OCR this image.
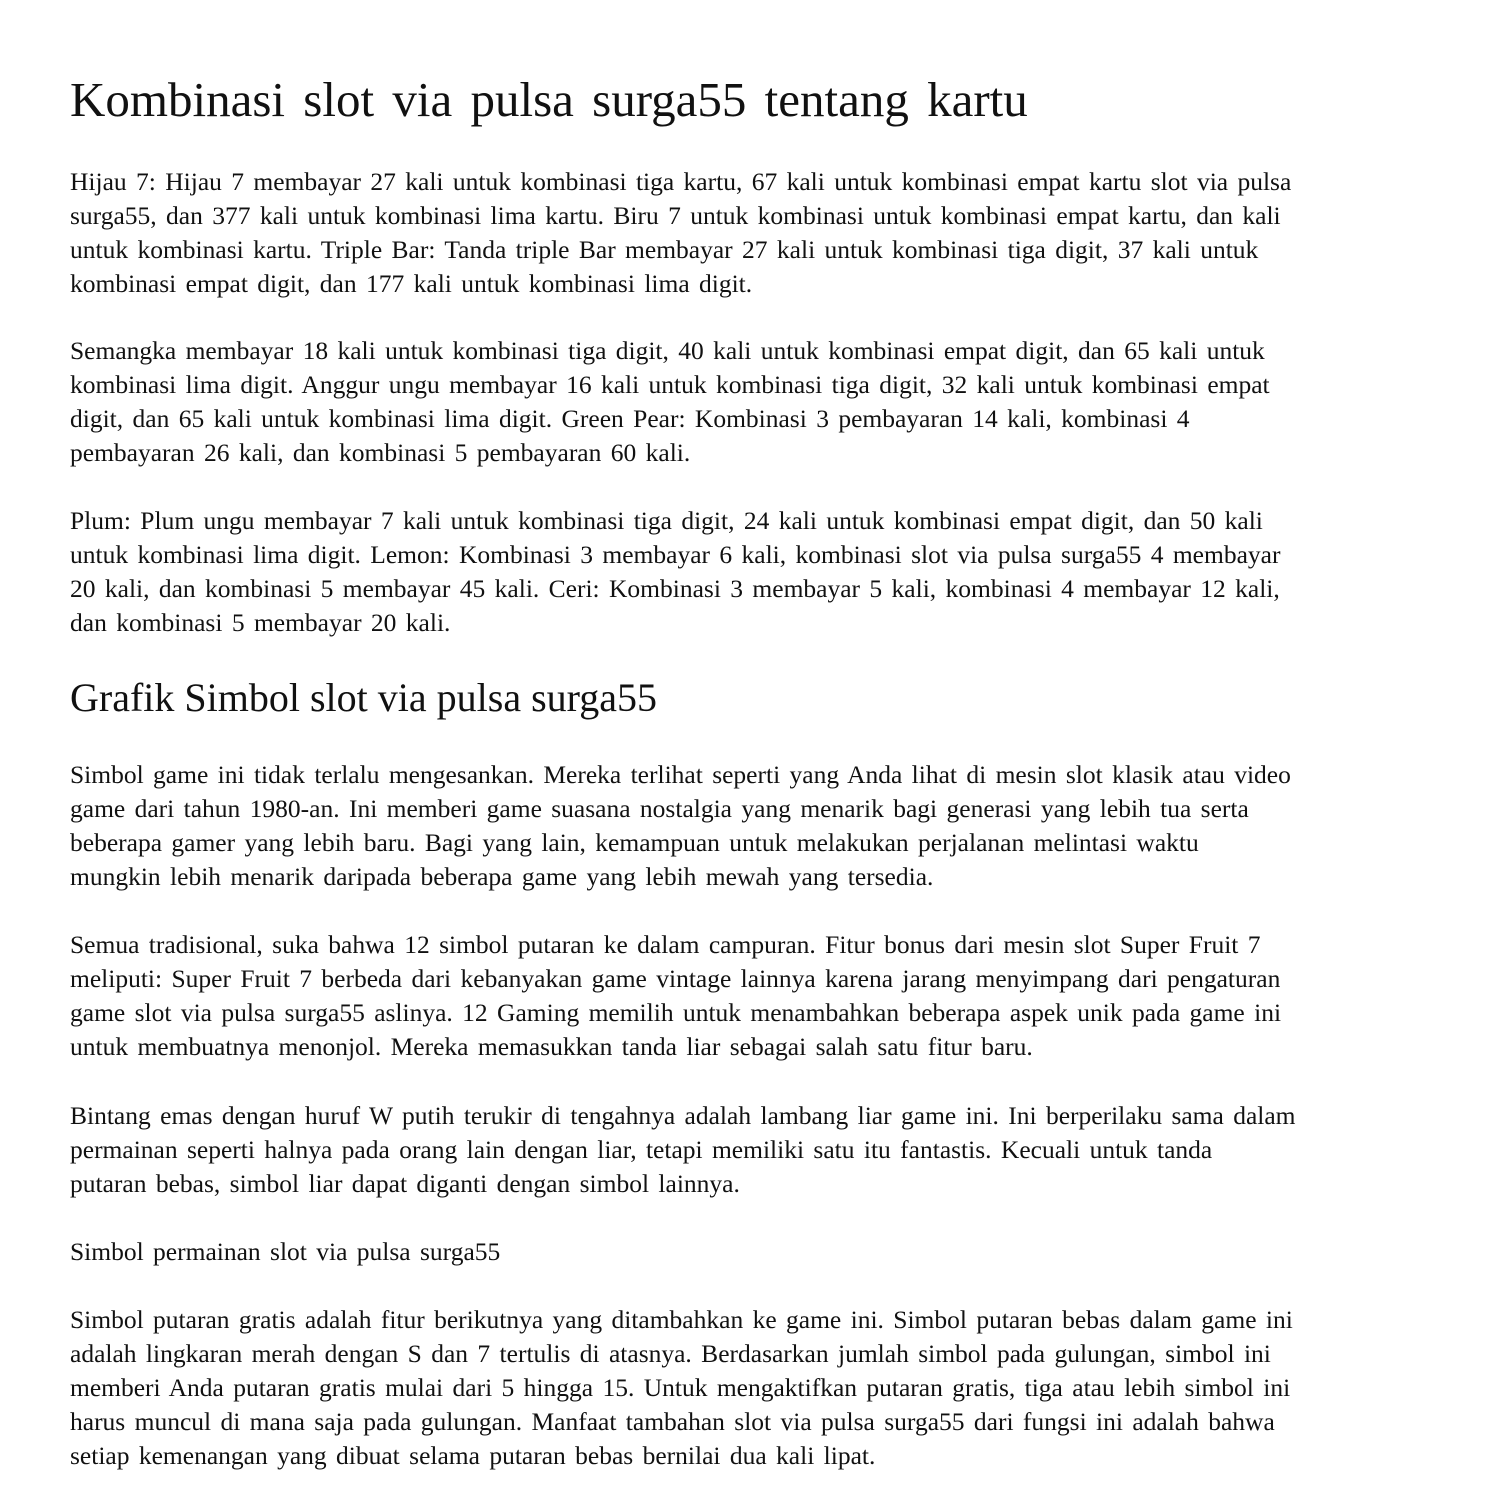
Kombinasi slot via pulsa surga55 tentang kartu
Hijau 7: Hijau 7 membayar 27 kali untuk kombinasi tiga kartu, 67 kali untuk kombinasi empat kartu slot via pulsa
surga55, dan 377 kali untuk kombinasi lima kartu. Biru 7 untuk kombinasi untuk kombinasi empat kartu, dan kali
untuk kombinasi kartu. Triple Bar: Tanda triple Bar membayar 27 kali untuk kombinasi tiga digit, 37 kali untuk
kombinasi empat digit, dan 177 kali untuk kombinasi lima digit.
Semangka membayar 18 kali untuk kombinasi tiga digit, 40 kali untuk kombinasi empat digit, dan 65 kali untuk
kombinasi lima digit. Anggur ungu membayar 16 kali untuk kombinasi tiga digit, 32 kali untuk kombinasi empat
digit, dan 65 kali untuk kombinasi lima digit. Green Pear: Kombinasi 3 pembayaran 14 kali, kombinasi 4
pembayaran 26 kali, dan kombinasi 5 pembayaran 60 kali.
Plum: Plum ungu membayar 7 kali untuk kombinasi tiga digit, 24 kali untuk kombinasi empat digit, dan 50 kali
untuk kombinasi lima digit. Lemon: Kombinasi 3 membayar 6 kali, kombinasi slot via pulsa surga55 4 membayar
20 kali, dan kombinasi 5 membayar 45 kali. Ceri: Kombinasi 3 membayar 5 kali, kombinasi 4 membayar 12 kali,
dan kombinasi 5 membayar 20 kali.
Grafik Simbol slot via pulsa surga55
Simbol game ini tidak terlalu mengesankan. Mereka terlihat seperti yang Anda lihat di mesin slot klasik atau video
game dari tahun 1980-an. Ini memberi game suasana nostalgia yang menarik bagi generasi yang lebih tua serta
beberapa gamer yang lebih baru. Bagi yang lain, kemampuan untuk melakukan perjalanan melintasi waktu
mungkin lebih menarik daripada beberapa game yang lebih mewah yang tersedia.
Semua tradisional, suka bahwa 12 simbol putaran ke dalam campuran. Fitur bonus dari mesin slot Super Fruit 7
meliputi: Super Fruit 7 berbeda dari kebanyakan game vintage lainnya karena jarang menyimpang dari pengaturan
game slot via pulsa surga55 aslinya. 12 Gaming memilih untuk menambahkan beberapa aspek unik pada game ini
untuk membuatnya menonjol. Mereka memasukkan tanda liar sebagai salah satu fitur baru.
Bintang emas dengan huruf W putih terukir di tengahnya adalah lambang liar game ini. Ini berperilaku sama dalam
permainan seperti halnya pada orang lain dengan liar, tetapi memiliki satu itu fantastis. Kecuali untuk tanda
putaran bebas, simbol liar dapat diganti dengan simbol lainnya.
Simbol permainan slot via pulsa surga55
Simbol putaran gratis adalah fitur berikutnya yang ditambahkan ke game ini. Simbol putaran bebas dalam game ini
adalah lingkaran merah dengan S dan 7 tertulis di atasnya. Berdasarkan jumlah simbol pada gulungan, simbol ini
memberi Anda putaran gratis mulai dari 5 hingga 15. Untuk mengaktifkan putaran gratis, tiga atau lebih simbol ini
harus muncul di mana saja pada gulungan. Manfaat tambahan slot via pulsa surga55 dari fungsi ini adalah bahwa
setiap kemenangan yang dibuat selama putaran bebas bernilai dua kali lipat.
